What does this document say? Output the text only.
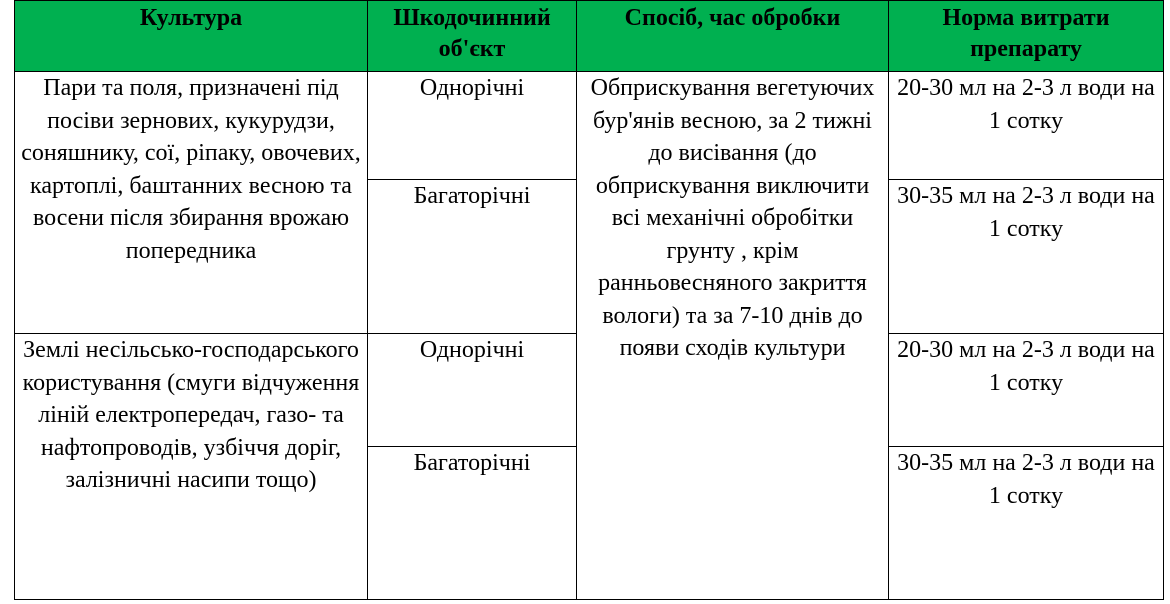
Культура	Шкодочинний об'єкт	Спосіб, час обробки	Норма витрати препарату
Пари та поля, призначені під посіви зернових, кукурудзи, соняшнику, сої, ріпаку, овочевих, картоплі, баштанних весною та восени після збирання врожаю попередника	Однорічні	Обприскування вегетуючих бур'янів весною, за 2 тижні до висівання (до обприскування виключити всі механічні обробітки грунту , крім ранньовесняного закриття вологи) та за 7-10 днів до появи сходів культури	20-30 мл на 2-3 л води на 1 сотку
	Багаторічні		30-35 мл на 2-3 л води на 1 сотку
Землі несільсько-господарського користування (смуги відчуження ліній електропередач, газо- та нафтопроводів, узбіччя доріг, залізничні насипи тощо)	Однорічні		20-30 мл на 2-3 л води на 1 сотку
	Багаторічні		30-35 мл на 2-3 л води на 1 сотку
